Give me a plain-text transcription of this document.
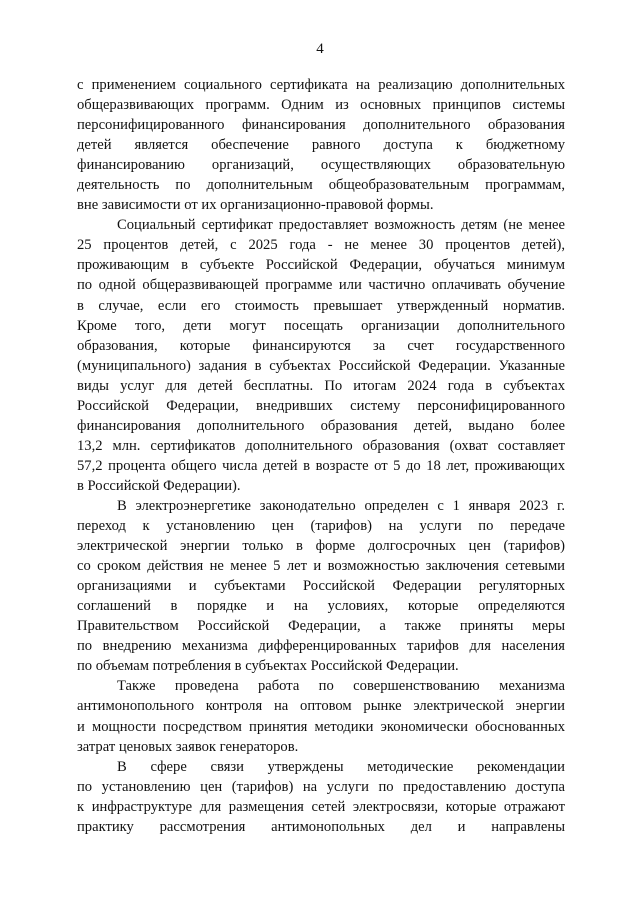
4

с применением социального сертификата на реализацию дополнительных

общеразвивающих программ. Одним из основных принципов системы

персонифицированного финансирования дополнительного образования

детей является обеспечение равного доступа к бюджетному

финансированию организаций, осуществляющих образовательную

деятельность по дополнительным общеобразовательным программам,

вне зависимости от их организационно-правовой формы.

Социальный сертификат предоставляет возможность детям (не менее

25 процентов детей, с 2025 года - не менее 30 процентов детей),

проживающим в субъекте Российской Федерации, обучаться минимум

по одной общеразвивающей программе или частично оплачивать обучение

в случае, если его стоимость превышает утвержденный норматив.

Кроме того, дети могут посещать организации дополнительного

образования, которые финансируются за счет государственного

(муниципального) задания в субъектах Российской Федерации. Указанные

виды услуг для детей бесплатны. По итогам 2024 года в субъектах

Российской Федерации, внедривших систему персонифицированного

финансирования дополнительного образования детей, выдано более

13,2 млн. сертификатов дополнительного образования (охват составляет

57,2 процента общего числа детей в возрасте от 5 до 18 лет, проживающих

в Российской Федерации).

В электроэнергетике законодательно определен с 1 января 2023 г.

переход к установлению цен (тарифов) на услуги по передаче

электрической энергии только в форме долгосрочных цен (тарифов)

со сроком действия не менее 5 лет и возможностью заключения сетевыми

организациями и субъектами Российской Федерации регуляторных

соглашений в порядке и на условиях, которые определяются

Правительством Российской Федерации, а также приняты меры

по внедрению механизма дифференцированных тарифов для населения

по объемам потребления в субъектах Российской Федерации.

Также проведена работа по совершенствованию механизма

антимонопольного контроля на оптовом рынке электрической энергии

и мощности посредством принятия методики экономически обоснованных

затрат ценовых заявок генераторов.

В сфере связи утверждены методические рекомендации

по установлению цен (тарифов) на услуги по предоставлению доступа

к инфраструктуре для размещения сетей электросвязи, которые отражают

практику рассмотрения антимонопольных дел и направлены
